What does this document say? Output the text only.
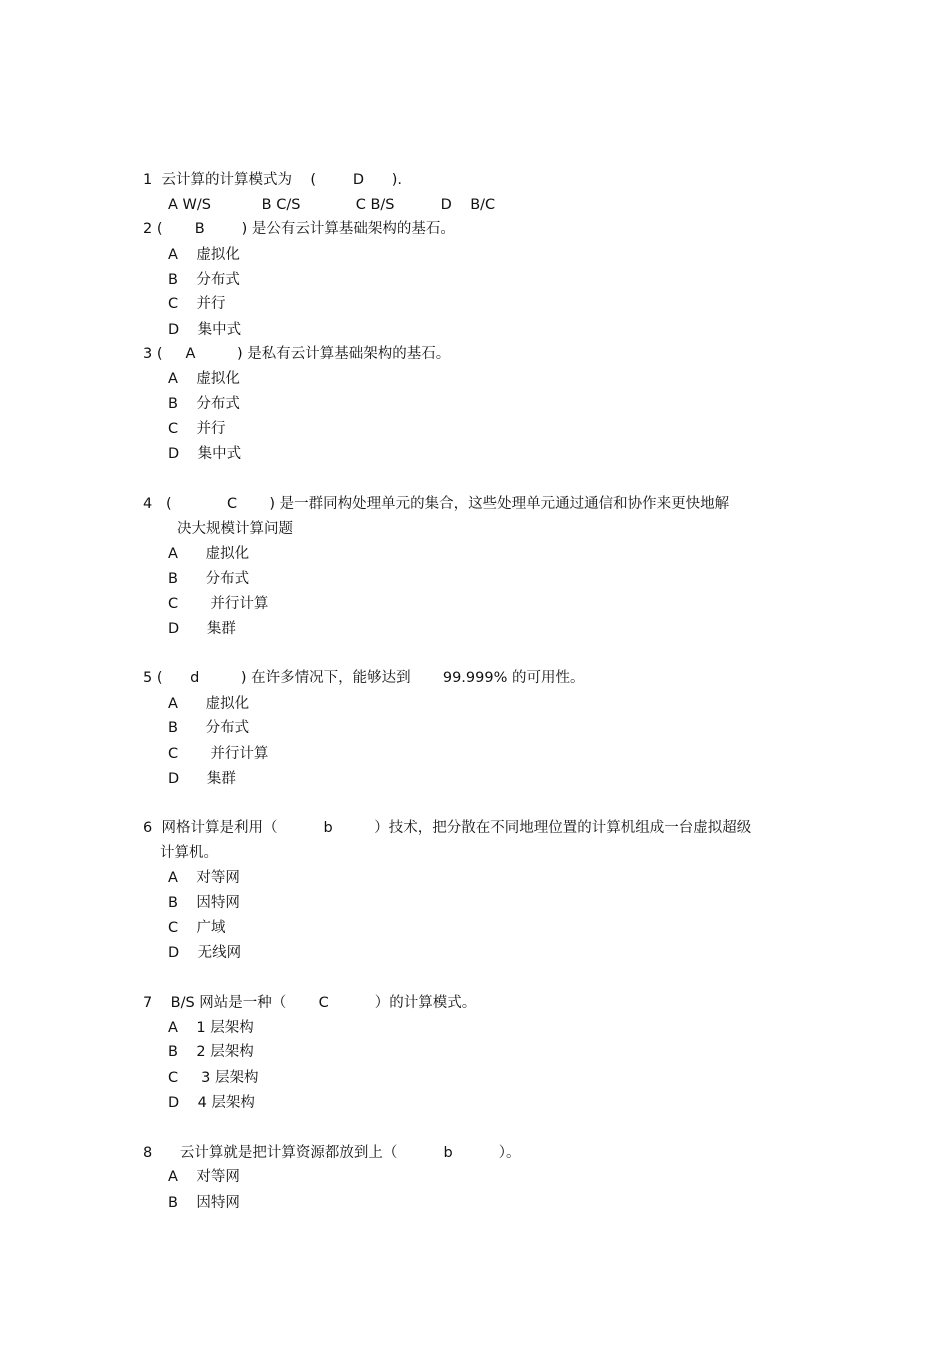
1  云计算的计算模式为    (        D      ).
A W/S           B C/S            C B/S          D    B/C
2 (       B        ) 是公有云计算基础架构的基石。
A    虚拟化
B    分布式
C    并行
D    集中式
3 (     A         ) 是私有云计算基础架构的基石。
A    虚拟化
B    分布式
C    并行
D    集中式
4   (            C       ) 是一群同构处理单元的集合，这些处理单元通过通信和协作来更快地解
决大规模计算问题
A      虚拟化
B      分布式
C       并行计算
D      集群
5 (      d         ) 在许多情况下，能够达到       99.999% 的可用性。
A      虚拟化
B      分布式
C       并行计算
D      集群
6  网格计算是利用（          b         ）技术，把分散在不同地理位置的计算机组成一台虚拟超级
计算机。
A    对等网
B    因特网
C    广域
D    无线网
7    B/S 网站是一种（       C          ）的计算模式。
A    1 层架构
B    2 层架构
C     3 层架构
D    4 层架构
8      云计算就是把计算资源都放到上（          b          ）。
A    对等网
B    因特网
